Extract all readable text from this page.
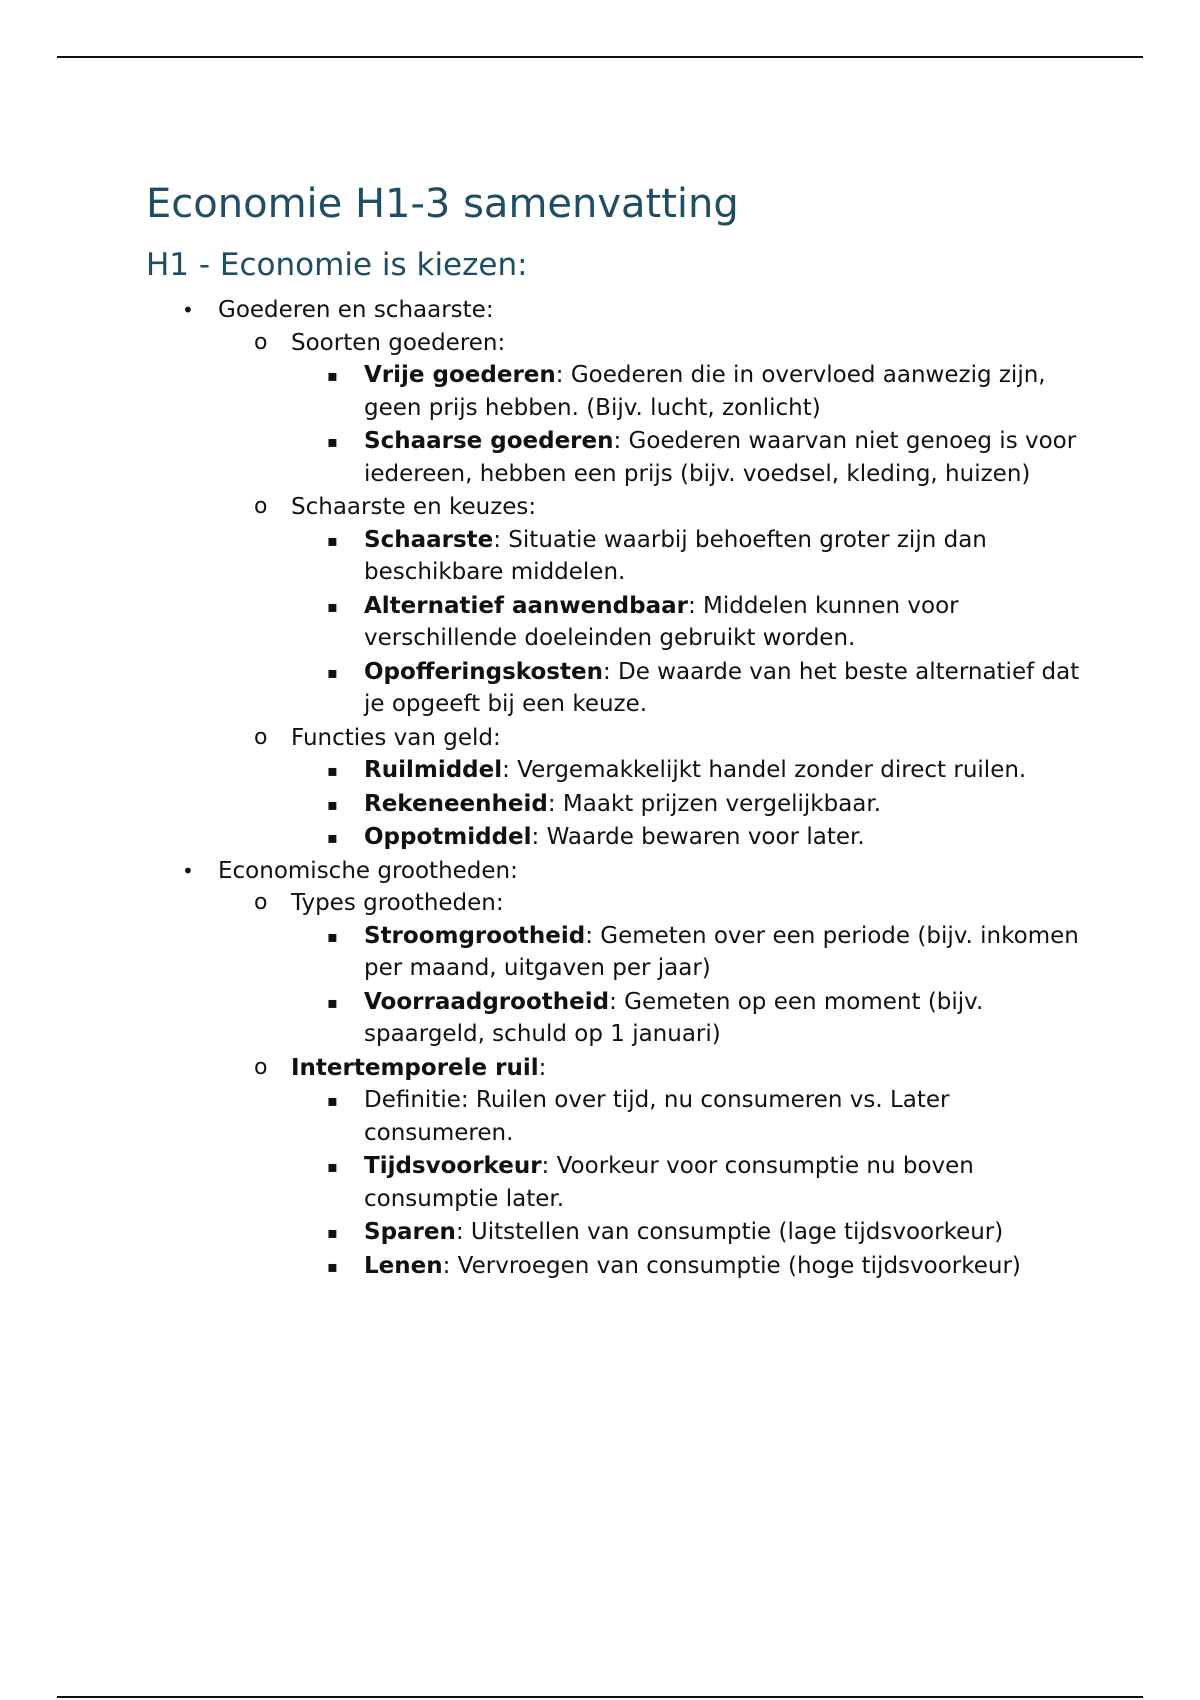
Economie H1-3 samenvatting
H1 - Economie is kiezen:
• Goederen en schaarste:
o	Soorten goederen:
▪ Vrije goederen: Goederen die in overvloed aanwezig zijn, geen prijs hebben. (Bijv. lucht, zonlicht)
▪ Schaarse goederen: Goederen waarvan niet genoeg is voor iedereen, hebben een prijs (bijv. voedsel, kleding, huizen)
o	Schaarste en keuzes:
▪ Schaarste: Situatie waarbij behoeften groter zijn dan beschikbare middelen.
▪ Alternatief aanwendbaar: Middelen kunnen voor verschillende doeleinden gebruikt worden.
▪ Opofferingskosten: De waarde van het beste alternatief dat je opgeeft bij een keuze.
o	Functies van geld:
▪ Ruilmiddel: Vergemakkelijkt handel zonder direct ruilen.
▪ Rekeneenheid: Maakt prijzen vergelijkbaar.
▪ Oppotmiddel: Waarde bewaren voor later.
• Economische grootheden:
o	Types grootheden:
▪ Stroomgrootheid: Gemeten over een periode (bijv. inkomen per maand, uitgaven per jaar)
▪ Voorraadgrootheid: Gemeten op een moment (bijv. spaargeld, schuld op 1 januari)
o	Intertemporele ruil:
▪ Definitie: Ruilen over tijd, nu consumeren vs. Later consumeren.
▪ Tijdsvoorkeur: Voorkeur voor consumptie nu boven consumptie later.
▪ Sparen: Uitstellen van consumptie (lage tijdsvoorkeur)
▪ Lenen: Vervroegen van consumptie (hoge tijdsvoorkeur)
